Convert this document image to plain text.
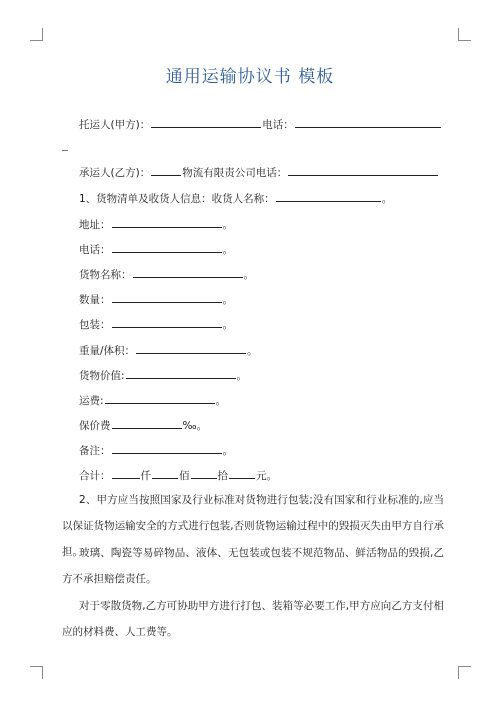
通用运输协议书 模板
托运人(甲方)：	电话：
承运人(乙方)：	物流有限责公司电话：
1、货物清单及收货人信息：收货人名称：	。
地址：	。
电话：	。
货物名称：	。
数量：	。
包装：	。
重量/体积：	。
货物价值:	。
运费:	。
保价费	‰。
备注：	。
合计：	仟	佰	拾	元。
2、甲方应当按照国家及行业标准对货物进行包装;没有国家和行业标准的,应当以保证货物运输安全的方式进行包装,否则货物运输过程中的毁损灭失由甲方自行承担。
玻璃、陶瓷等易碎物品、液体、无包装或包装不规范物品、鲜活物品的毁损,乙方不承担赔偿责任。
对于零散货物,乙方可协助甲方进行打包、装箱等必要工作,甲方应向乙方支付相应的材料费、人工费等。
